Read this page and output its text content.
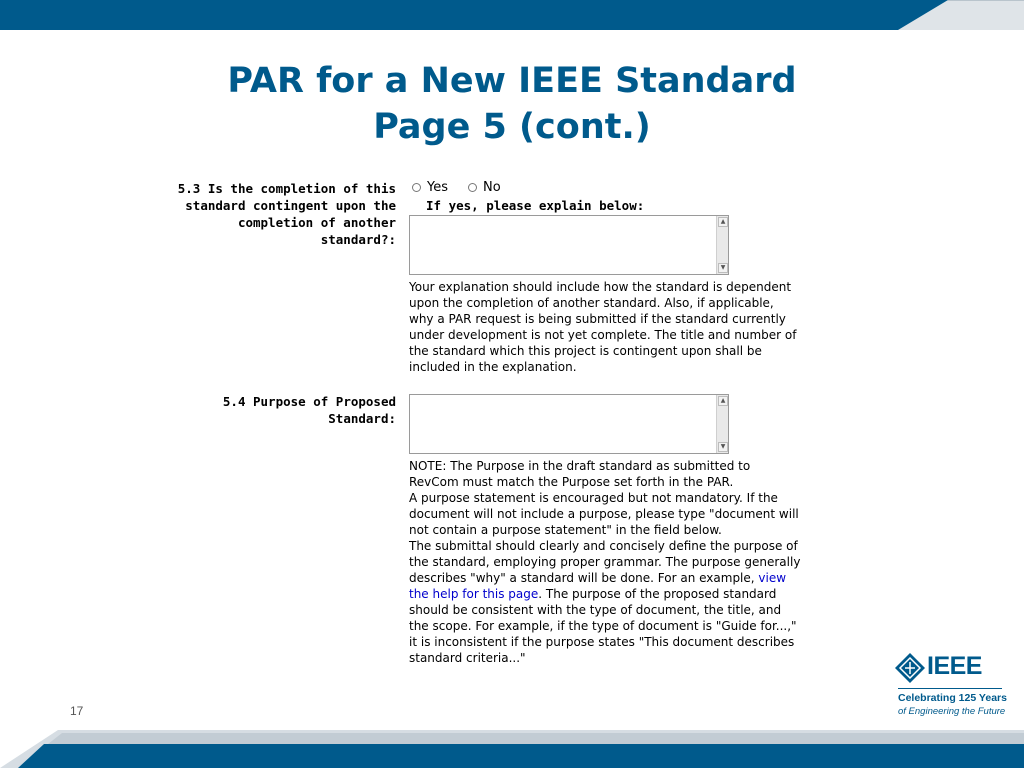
PAR for a New IEEE Standard
Page 5 (cont.)
5.3 Is the completion of this
standard contingent upon the
completion of another
standard?:
Yes	No
If yes, please explain below:
▲
▼
Your explanation should include how the standard is dependent upon the completion of another standard. Also, if applicable, why a PAR request is being submitted if the standard currently under development is not yet complete. The title and number of the standard which this project is contingent upon shall be included in the explanation.
5.4 Purpose of Proposed
Standard:
▲
▼

NOTE: The Purpose in the draft standard as submitted to RevCom must match the Purpose set forth in the PAR.

A purpose statement is encouraged but not mandatory. If the document will not include a purpose, please type "document will not contain a purpose statement" in the field below.

The submittal should clearly and concisely define the purpose of the standard, employing proper grammar. The purpose generally describes "why" a standard will be done. For an example, view the help for this page. The purpose of the proposed standard should be consistent with the type of document, the title, and the scope. For example, if the type of document is "Guide for...," it is inconsistent if the purpose states "This document describes standard criteria..."

17
IEEE
Celebrating 125 Years
of Engineering the Future
